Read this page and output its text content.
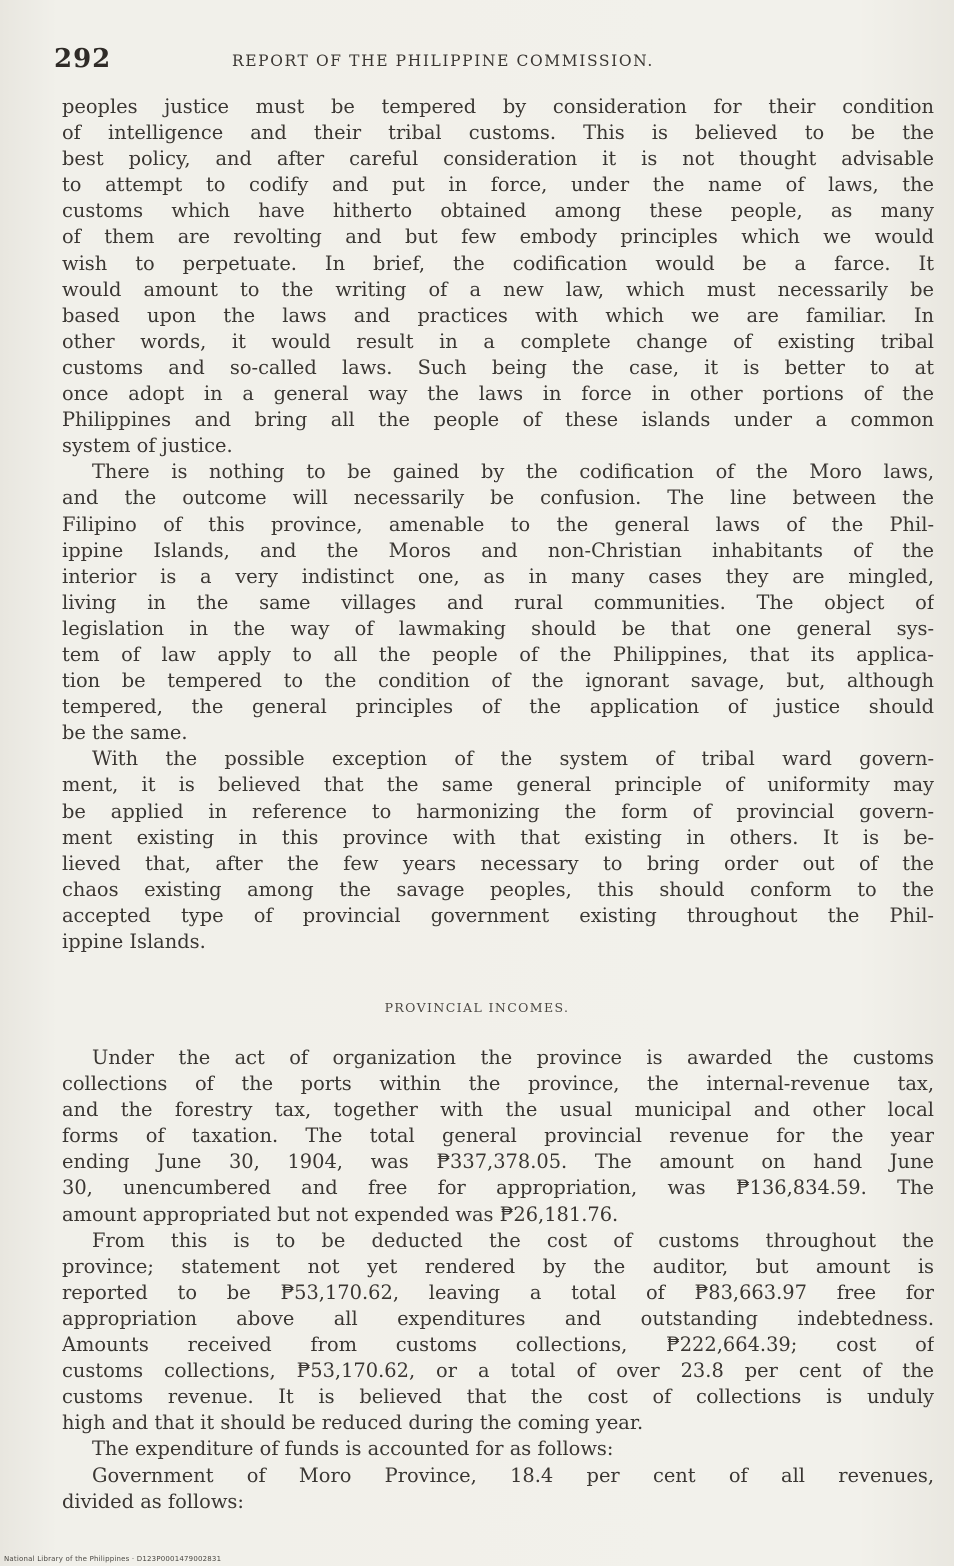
292	REPORT OF THE PHILIPPINE COMMISSION.
peoples justice must be tempered by consideration for their condition
of intelligence and their tribal customs. This is believed to be the
best policy, and after careful consideration it is not thought advisable
to attempt to codify and put in force, under the name of laws, the
customs which have hitherto obtained among these people, as many
of them are revolting and but few embody principles which we would
wish to perpetuate. In brief, the codification would be a farce. It
would amount to the writing of a new law, which must necessarily be
based upon the laws and practices with which we are familiar. In
other words, it would result in a complete change of existing tribal
customs and so-called laws. Such being the case, it is better to at
once adopt in a general way the laws in force in other portions of the
Philippines and bring all the people of these islands under a common
system of justice.
There is nothing to be gained by the codification of the Moro laws,
and the outcome will necessarily be confusion. The line between the
Filipino of this province, amenable to the general laws of the Phil-
ippine Islands, and the Moros and non-Christian inhabitants of the
interior is a very indistinct one, as in many cases they are mingled,
living in the same villages and rural communities. The object of
legislation in the way of lawmaking should be that one general sys-
tem of law apply to all the people of the Philippines, that its applica-
tion be tempered to the condition of the ignorant savage, but, although
tempered, the general principles of the application of justice should
be the same.
With the possible exception of the system of tribal ward govern-
ment, it is believed that the same general principle of uniformity may
be applied in reference to harmonizing the form of provincial govern-
ment existing in this province with that existing in others. It is be-
lieved that, after the few years necessary to bring order out of the
chaos existing among the savage peoples, this should conform to the
accepted type of provincial government existing throughout the Phil-
ippine Islands.
PROVINCIAL INCOMES.
Under the act of organization the province is awarded the customs
collections of the ports within the province, the internal-revenue tax,
and the forestry tax, together with the usual municipal and other local
forms of taxation. The total general provincial revenue for the year
ending June 30, 1904, was ₱337,378.05. The amount on hand June
30, unencumbered and free for appropriation, was ₱136,834.59. The
amount appropriated but not expended was ₱26,181.76.
From this is to be deducted the cost of customs throughout the
province; statement not yet rendered by the auditor, but amount is
reported to be ₱53,170.62, leaving a total of ₱83,663.97 free for
appropriation above all expenditures and outstanding indebtedness.
Amounts received from customs collections, ₱222,664.39; cost of
customs collections, ₱53,170.62, or a total of over 23.8 per cent of the
customs revenue. It is believed that the cost of collections is unduly
high and that it should be reduced during the coming year.
The expenditure of funds is accounted for as follows:
Government of Moro Province, 18.4 per cent of all revenues,
divided as follows:
National Library of the Philippines · D123P0001479002831
